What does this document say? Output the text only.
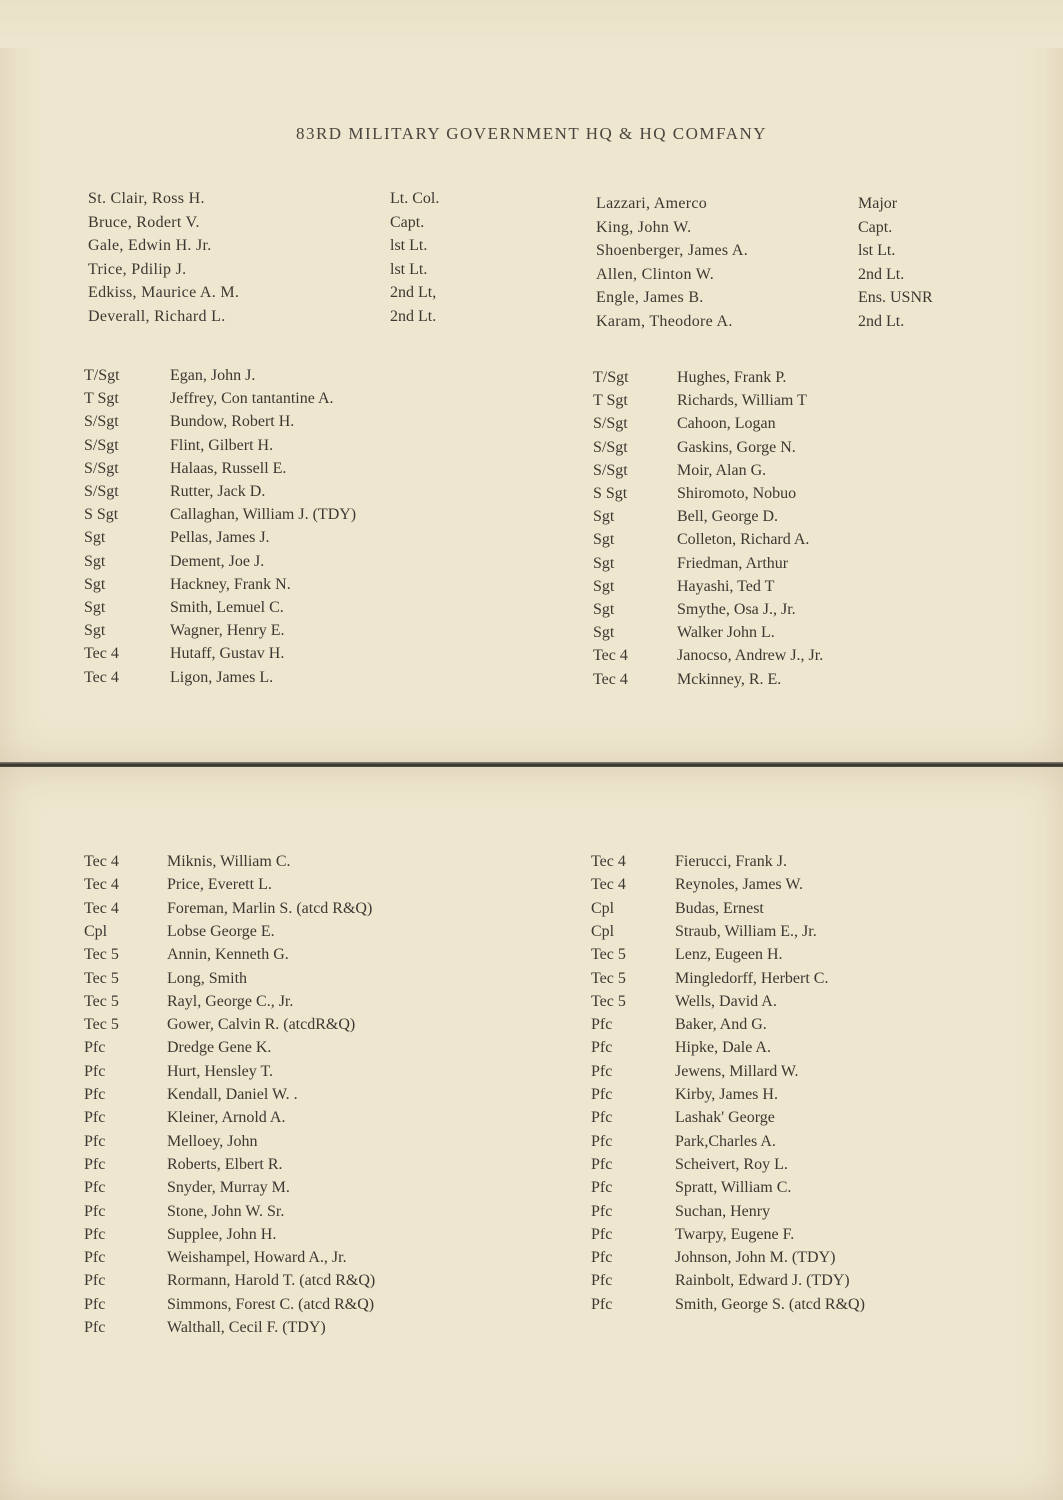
83RD MILITARY GOVERNMENT HQ & HQ COMFANY
St. Clair, Ross H.	Lt. Col.
Bruce, Rodert V.	Capt.
Gale, Edwin H. Jr.	lst Lt.
Trice, Pdilip J.	lst Lt.
Edkiss, Maurice A. M.	2nd Lt,
Deverall, Richard L.	2nd Lt.
Lazzari, Amerco	Major
King, John W.	Capt.
Shoenberger, James A.	lst Lt.
Allen, Clinton W.	2nd Lt.
Engle, James B.	Ens. USNR
Karam, Theodore A.	2nd Lt.
T/Sgt	Egan, John J.
T Sgt	Jeffrey, Con tantantine A.
S/Sgt	Bundow, Robert H.
S/Sgt	Flint, Gilbert H.
S/Sgt	Halaas, Russell E.
S/Sgt	Rutter, Jack D.
S Sgt	Callaghan, William J. (TDY)
Sgt	Pellas, James J.
Sgt	Dement, Joe J.
Sgt	Hackney, Frank N.
Sgt	Smith, Lemuel C.
Sgt	Wagner, Henry E.
Tec 4	Hutaff, Gustav H.
Tec 4	Ligon, James L.
T/Sgt	Hughes, Frank P.
T Sgt	Richards, William T
S/Sgt	Cahoon, Logan
S/Sgt	Gaskins, Gorge N.
S/Sgt	Moir, Alan G.
S Sgt	Shiromoto, Nobuo
Sgt	Bell, George D.
Sgt	Colleton, Richard A.
Sgt	Friedman, Arthur
Sgt	Hayashi, Ted T
Sgt	Smythe, Osa J., Jr.
Sgt	Walker John L.
Tec 4	Janocso, Andrew J., Jr.
Tec 4	Mckinney, R. E.
Tec 4	Miknis, William C.
Tec 4	Price, Everett L.
Tec 4	Foreman, Marlin S. (atcd R&Q)
Cpl	Lobse George E.
Tec 5	Annin, Kenneth G.
Tec 5	Long, Smith
Tec 5	Rayl, George C., Jr.
Tec 5	Gower, Calvin R. (atcdR&Q)
Pfc	Dredge Gene K.
Pfc	Hurt, Hensley T.
Pfc	Kendall, Daniel W. .
Pfc	Kleiner, Arnold A.
Pfc	Melloey, John
Pfc	Roberts, Elbert R.
Pfc	Snyder, Murray M.
Pfc	Stone, John W. Sr.
Pfc	Supplee, John H.
Pfc	Weishampel, Howard A., Jr.
Pfc	Rormann, Harold T. (atcd R&Q)
Pfc	Simmons, Forest C. (atcd R&Q)
Pfc	Walthall, Cecil F. (TDY)
Tec 4	Fierucci, Frank J.
Tec 4	Reynoles, James W.
Cpl	Budas, Ernest
Cpl	Straub, William E., Jr.
Tec 5	Lenz, Eugeen H.
Tec 5	Mingledorff, Herbert C.
Tec 5	Wells, David A.
Pfc	Baker, And G.
Pfc	Hipke, Dale A.
Pfc	Jewens, Millard W.
Pfc	Kirby, James H.
Pfc	Lashak' George
Pfc	Park,Charles A.
Pfc	Scheivert, Roy L.
Pfc	Spratt, William C.
Pfc	Suchan, Henry
Pfc	Twarpy, Eugene F.
Pfc	Johnson, John M. (TDY)
Pfc	Rainbolt, Edward J. (TDY)
Pfc	Smith, George S. (atcd R&Q)
